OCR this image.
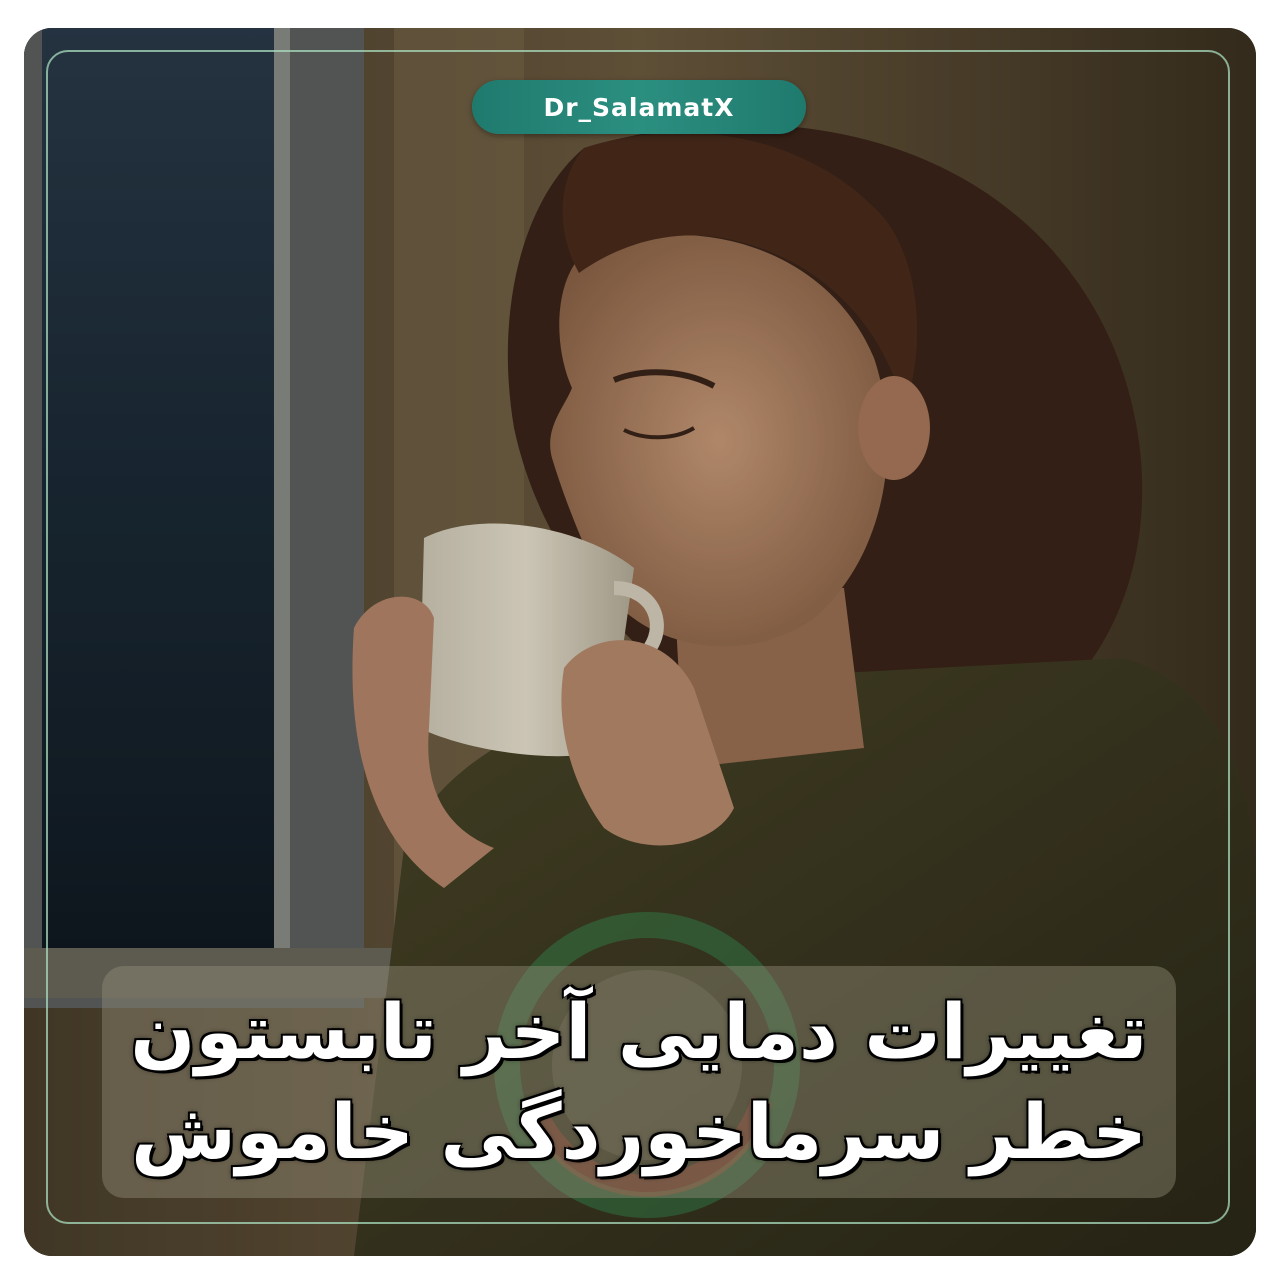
Dr_SalamatX
تغییرات دمایی آخر تابستون
خطر سرماخوردگی خاموش
